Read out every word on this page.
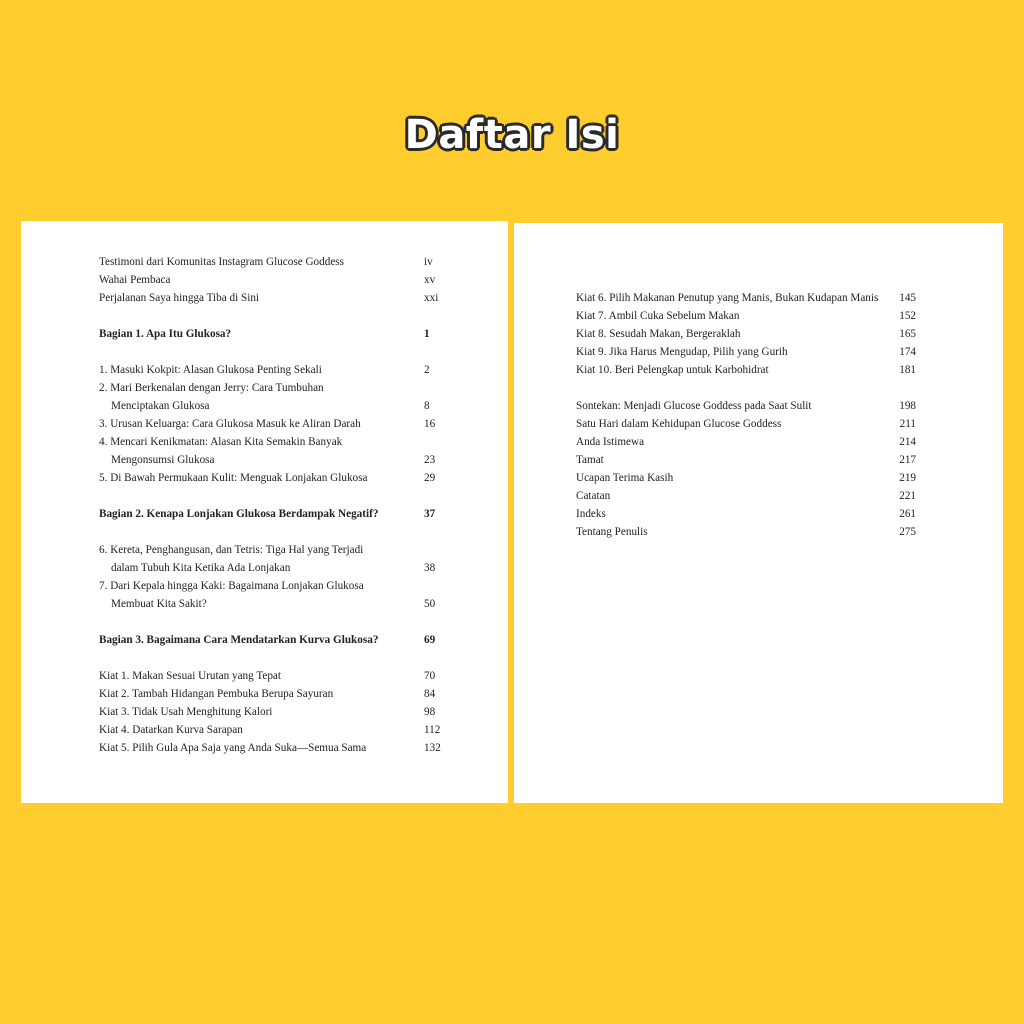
Daftar Isi
Testimoni dari Komunitas Instagram Glucose Goddess	iv
Wahai Pembaca	xv
Perjalanan Saya hingga Tiba di Sini	xxi
Bagian 1. Apa Itu Glukosa?	1
1. Masuki Kokpit: Alasan Glukosa Penting Sekali	2
2. Mari Berkenalan dengan Jerry: Cara Tumbuhan
Menciptakan Glukosa	8
3. Urusan Keluarga: Cara Glukosa Masuk ke Aliran Darah	16
4. Mencari Kenikmatan: Alasan Kita Semakin Banyak
Mengonsumsi Glukosa	23
5. Di Bawah Permukaan Kulit: Menguak Lonjakan Glukosa	29
Bagian 2. Kenapa Lonjakan Glukosa Berdampak Negatif?	37
6. Kereta, Penghangusan, dan Tetris: Tiga Hal yang Terjadi
dalam Tubuh Kita Ketika Ada Lonjakan	38
7. Dari Kepala hingga Kaki: Bagaimana Lonjakan Glukosa
Membuat Kita Sakit?	50
Bagian 3. Bagaimana Cara Mendatarkan Kurva Glukosa?	69
Kiat 1. Makan Sesuai Urutan yang Tepat	70
Kiat 2. Tambah Hidangan Pembuka Berupa Sayuran	84
Kiat 3. Tidak Usah Menghitung Kalori	98
Kiat 4. Datarkan Kurva Sarapan	112
Kiat 5. Pilih Gula Apa Saja yang Anda Suka—Semua Sama	132
Kiat 6. Pilih Makanan Penutup yang Manis, Bukan Kudapan Manis 145
Kiat 7. Ambil Cuka Sebelum Makan	152
Kiat 8. Sesudah Makan, Bergeraklah	165
Kiat 9. Jika Harus Mengudap, Pilih yang Gurih	174
Kiat 10. Beri Pelengkap untuk Karbohidrat	181
Sontekan: Menjadi Glucose Goddess pada Saat Sulit	198
Satu Hari dalam Kehidupan Glucose Goddess	211
Anda Istimewa	214
Tamat	217
Ucapan Terima Kasih	219
Catatan	221
Indeks	261
Tentang Penulis	275
